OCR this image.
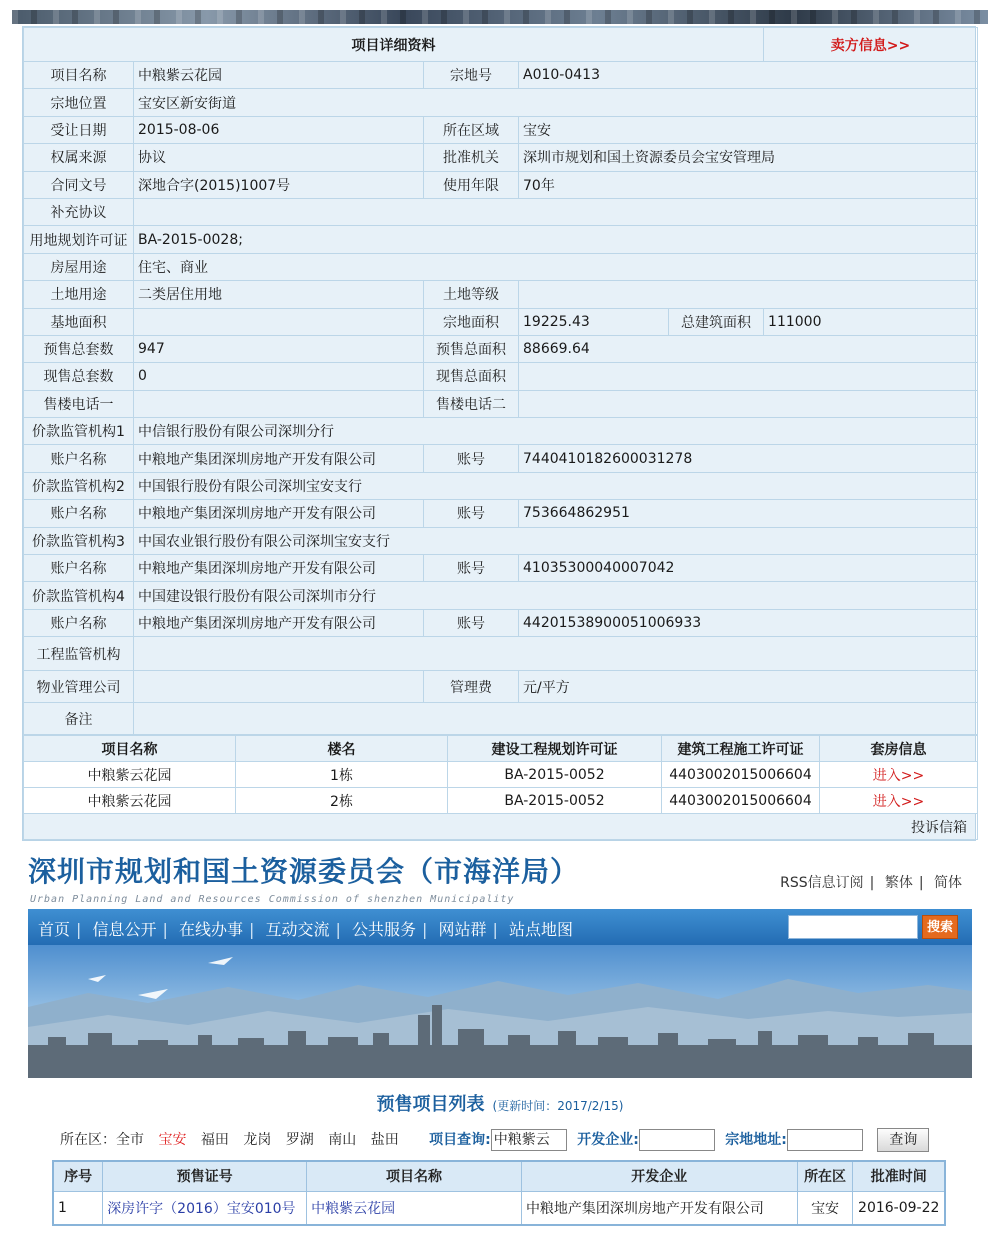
项目详细资料					卖方信息>>
项目名称	中粮紫云花园	宗地号	A010-0413		
宗地位置	宝安区新安街道				
受让日期	2015-08-06	所在区域	宝安		
权属来源	协议	批准机关	深圳市规划和国土资源委员会宝安管理局		
合同文号	深地合字(2015)1007号	使用年限	70年		
补充协议					
用地规划许可证	BA-2015-0028;				
房屋用途	住宅、商业				
土地用途	二类居住用地	土地等级			
基地面积		宗地面积	19225.43	总建筑面积	111000
预售总套数	947	预售总面积	88669.64		
现售总套数	0	现售总面积			
售楼电话一		售楼电话二			
价款监管机构1	中信银行股份有限公司深圳分行				
账户名称	中粮地产集团深圳房地产开发有限公司	账号	7440410182600031278		
价款监管机构2	中国银行股份有限公司深圳宝安支行				
账户名称	中粮地产集团深圳房地产开发有限公司	账号	753664862951		
价款监管机构3	中国农业银行股份有限公司深圳宝安支行				
账户名称	中粮地产集团深圳房地产开发有限公司	账号	41035300040007042		
价款监管机构4	中国建设银行股份有限公司深圳市分行				
账户名称	中粮地产集团深圳房地产开发有限公司	账号	44201538900051006933		
工程监管机构					
物业管理公司		管理费	元/平方		
备注					
项目名称	楼名	建设工程规划许可证	建筑工程施工许可证	套房信息
中粮紫云花园	1栋	BA-2015-0052	4403002015006604	进入>>
中粮紫云花园	2栋	BA-2015-0052	4403002015006604	进入>>
投诉信箱				
深圳市规划和国土资源委员会（市海洋局）
Urban Planning Land and Resources Commission of shenzhen Municipality
RSS信息订阅 | 繁体 | 简体
首页 | 信息公开 | 在线办事 | 互动交流 | 公共服务 | 网站群 | 站点地图	搜索
预售项目列表 (更新时间：2017/2/15)
所在区：全市 宝安 福田 龙岗 罗湖 南山 盐田 项目查询: 中粮紫云 开发企业:	宗地地址:	查询
序号	预售证号	项目名称	开发企业	所在区	批准时间
1	深房许字（2016）宝安010号	中粮紫云花园	中粮地产集团深圳房地产开发有限公司	宝安	2016-09-22
